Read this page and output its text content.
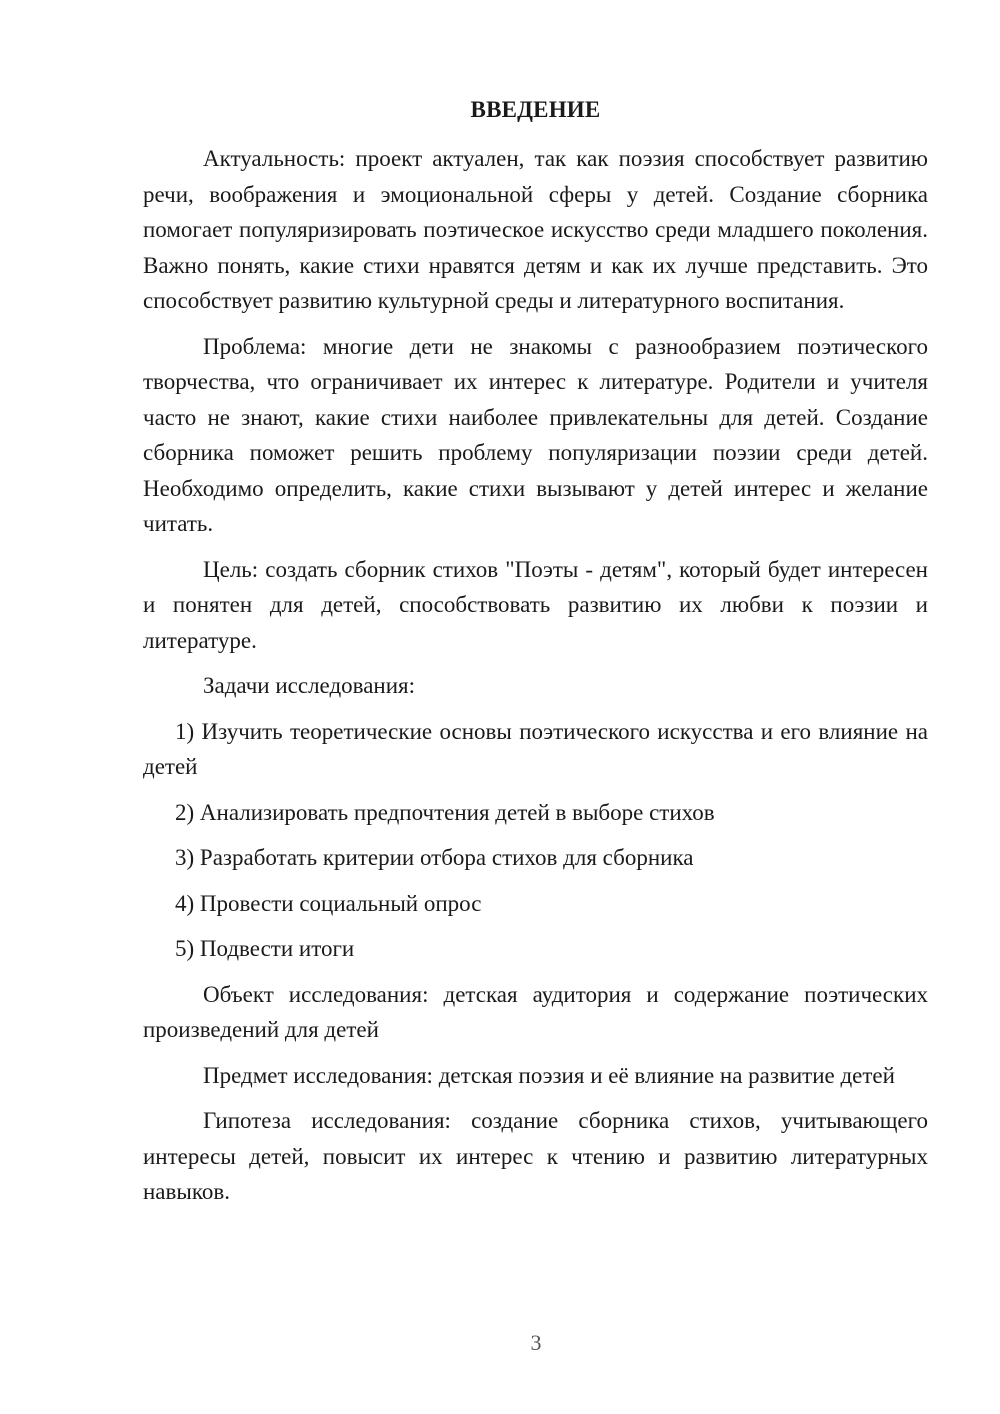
ВВЕДЕНИЕ

Актуальность: проект актуален, так как поэзия способствует развитию речи, воображения и эмоциональной сферы у детей. Создание сборника помогает популяризировать поэтическое искусство среди младшего поколения. Важно понять, какие стихи нравятся детям и как их лучше представить. Это способствует развитию культурной среды и литературного воспитания.

Проблема: многие дети не знакомы с разнообразием поэтического творчества, что ограничивает их интерес к литературе. Родители и учителя часто не знают, какие стихи наиболее привлекательны для детей. Создание сборника поможет решить проблему популяризации поэзии среди детей. Необходимо определить, какие стихи вызывают у детей интерес и желание читать.

Цель: создать сборник стихов "Поэты - детям", который будет интересен и понятен для детей, способствовать развитию их любви к поэзии и литературе.

Задачи исследования:

1) Изучить теоретические основы поэтического искусства и его влияние на детей

2) Анализировать предпочтения детей в выборе стихов

3) Разработать критерии отбора стихов для сборника

4) Провести социальный опрос

5) Подвести итоги

Объект исследования: детская аудитория и содержание поэтических произведений для детей

Предмет исследования: детская поэзия и её влияние на развитие детей

Гипотеза исследования: создание сборника стихов, учитывающего интересы детей, повысит их интерес к чтению и развитию литературных навыков.

3
